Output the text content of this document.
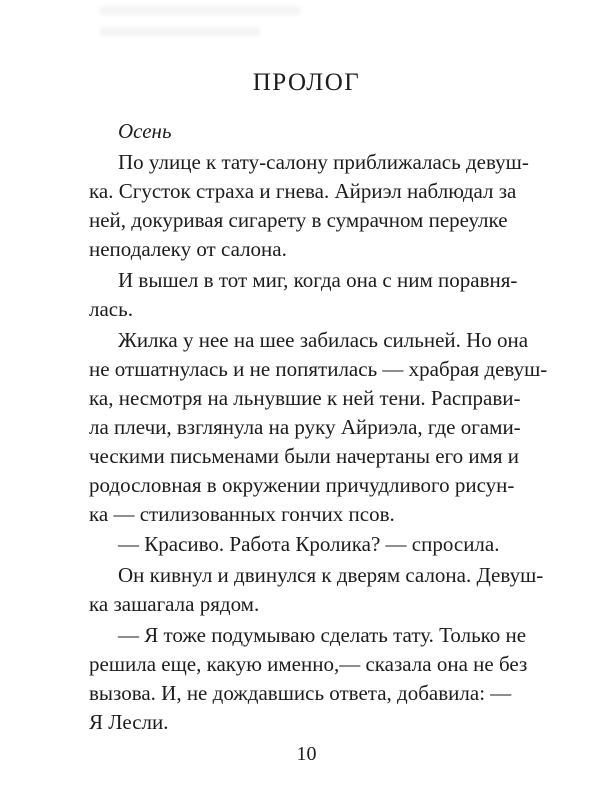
ПРОЛОГ
Осень
По улице к тату-салону приближалась девуш-
ка. Сгусток страха и гнева. Айриэл наблюдал за
ней, докуривая сигарету в сумрачном переулке
неподалеку от салона.
И вышел в тот миг, когда она с ним поравня-
лась.
Жилка у нее на шее забилась сильней. Но она
не отшатнулась и не попятилась — храбрая девуш-
ка, несмотря на льнувшие к ней тени. Расправи-
ла плечи, взглянула на руку Айриэла, где огами-
ческими письменами были начертаны его имя и
родословная в окружении причудливого рисун-
ка — стилизованных гончих псов.
— Красиво. Работа Кролика? — спросила.
Он кивнул и двинулся к дверям салона. Девуш-
ка зашагала рядом.
— Я тоже подумываю сделать тату. Только не
решила еще, какую именно,— сказала она не без
вызова. И, не дождавшись ответа, добавила: —
Я Лесли.
10
